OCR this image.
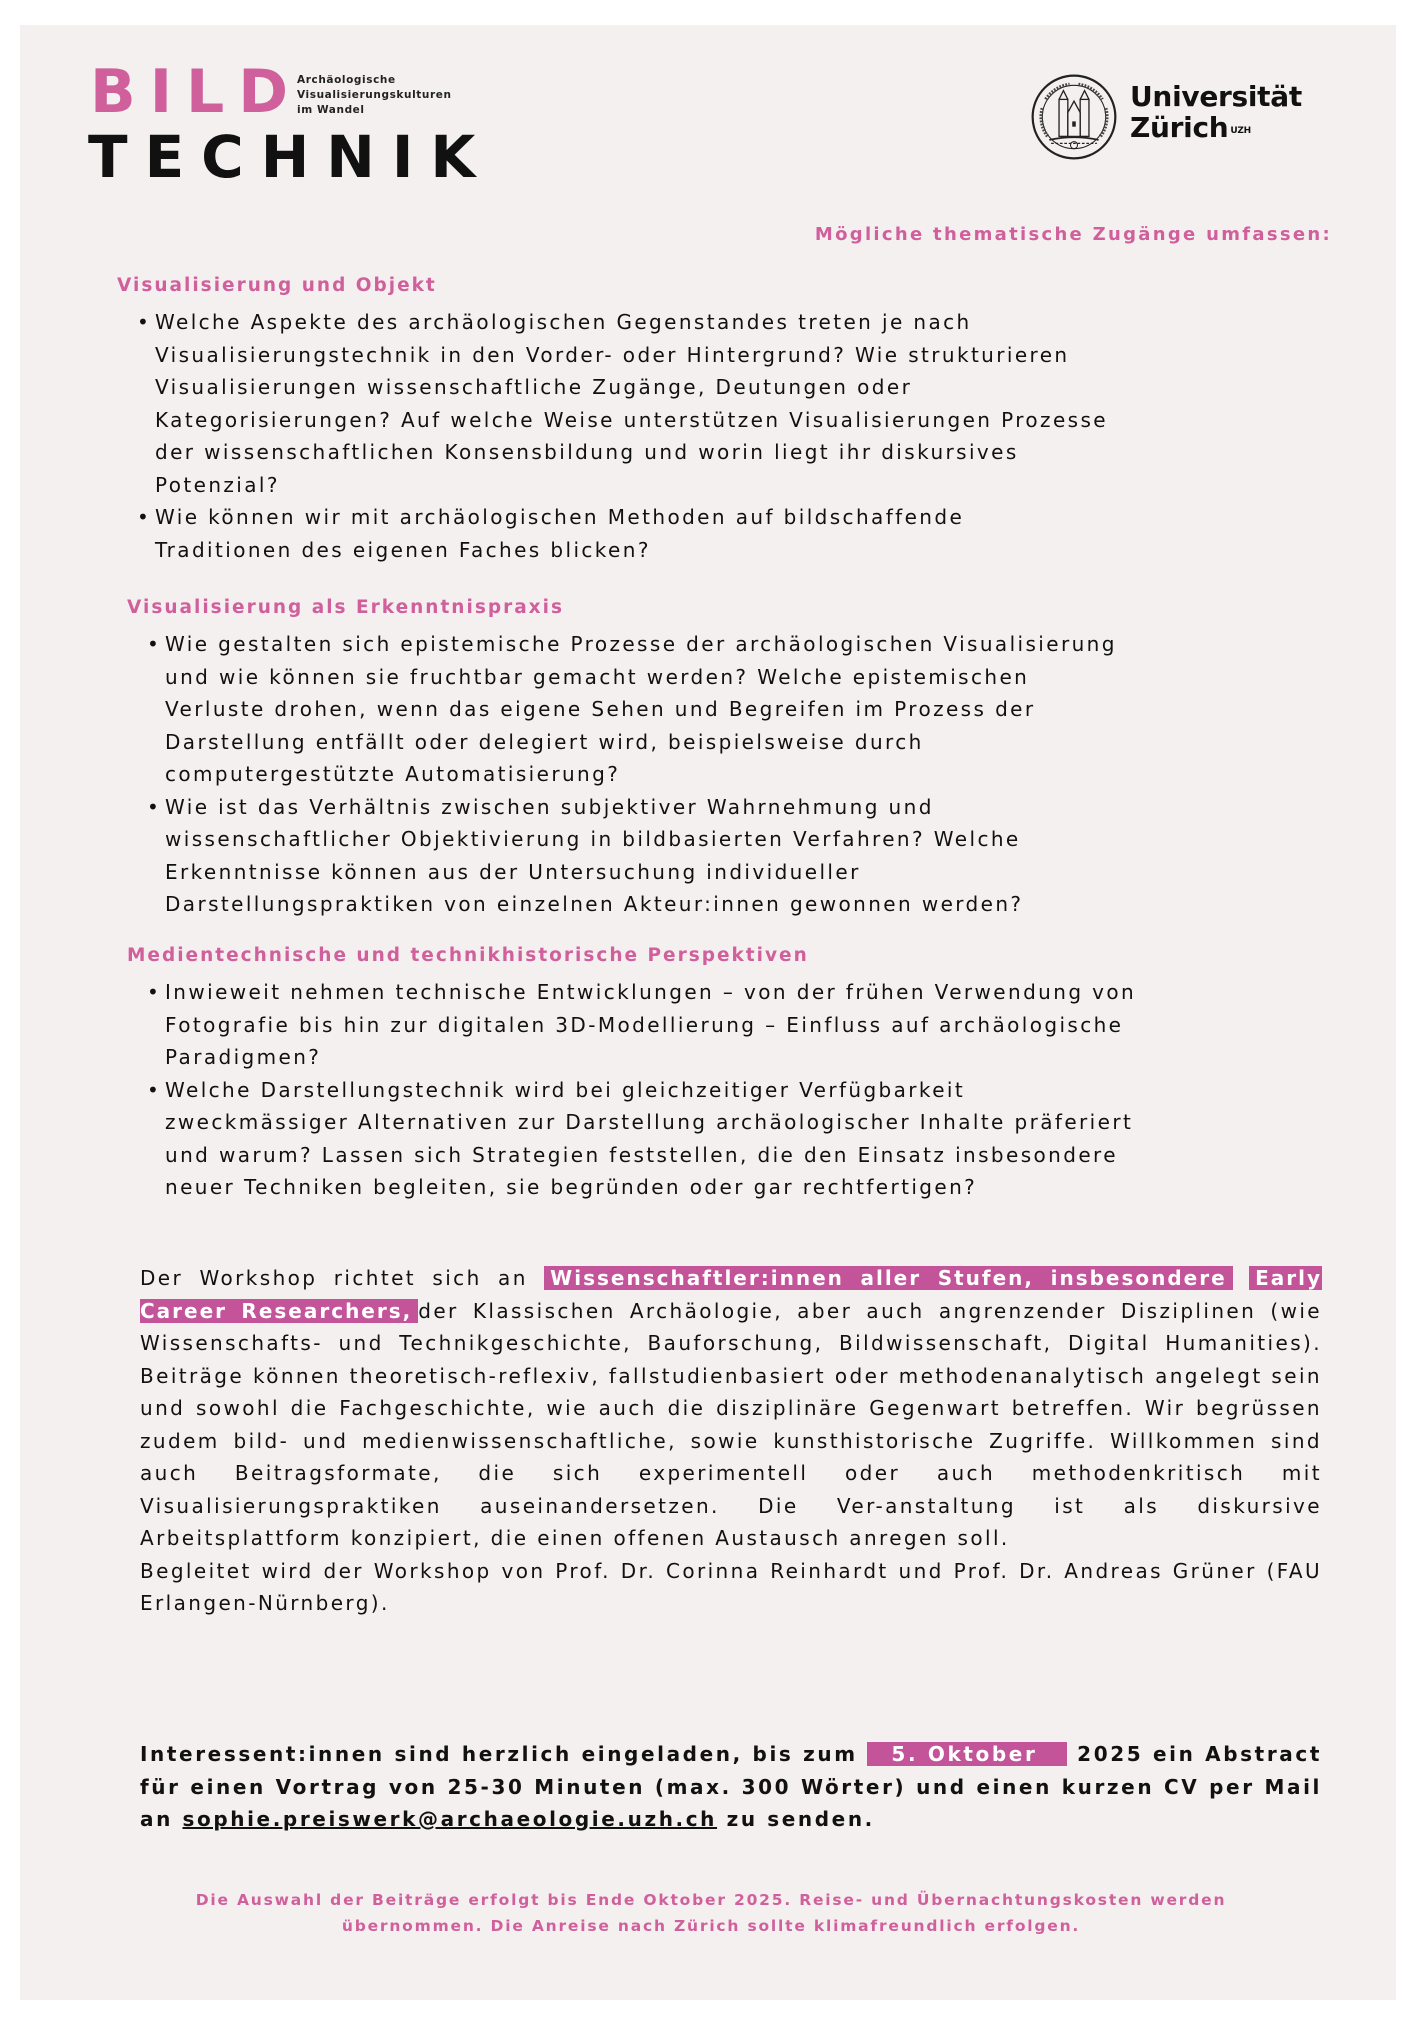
BILD
Archäologische
Visualisierungskulturen
im Wandel
TECHNIK
Universität
Zürich $^{UZH}$
Mögliche thematische Zugänge umfassen:
Visualisierung und Objekt
• Welche Aspekte des archäologischen Gegenstandes treten je nach
Visualisierungstechnik in den Vorder- oder Hintergrund? Wie strukturieren
Visualisierungen wissenschaftliche Zugänge, Deutungen oder
Kategorisierungen? Auf welche Weise unterstützen Visualisierungen Prozesse
der wissenschaftlichen Konsensbildung und worin liegt ihr diskursives
Potenzial?
• Wie können wir mit archäologischen Methoden auf bildschaffende
Traditionen des eigenen Faches blicken?
Visualisierung als Erkenntnispraxis
• Wie gestalten sich epistemische Prozesse der archäologischen Visualisierung
und wie können sie fruchtbar gemacht werden? Welche epistemischen
Verluste drohen, wenn das eigene Sehen und Begreifen im Prozess der
Darstellung entfällt oder delegiert wird, beispielsweise durch
computergestützte Automatisierung?
• Wie ist das Verhältnis zwischen subjektiver Wahrnehmung und
wissenschaftlicher Objektivierung in bildbasierten Verfahren? Welche
Erkenntnisse können aus der Untersuchung individueller
Darstellungspraktiken von einzelnen Akteur:innen gewonnen werden?
Medientechnische und technikhistorische Perspektiven
• Inwieweit nehmen technische Entwicklungen – von der frühen Verwendung von
Fotografie bis hin zur digitalen 3D-Modellierung – Einfluss auf archäologische
Paradigmen?
• Welche Darstellungstechnik wird bei gleichzeitiger Verfügbarkeit
zweckmässiger Alternativen zur Darstellung archäologischer Inhalte präferiert
und warum? Lassen sich Strategien feststellen, die den Einsatz insbesondere
neuer Techniken begleiten, sie begründen oder gar rechtfertigen?
Der Workshop richtet sich an Wissenschaftler:innen aller Stufen, insbesondere Early Career Researchers, der Klassischen Archäologie, aber auch angrenzender Disziplinen (wie Wissenschafts- und Technikgeschichte, Bauforschung, Bildwissenschaft, Digital Humanities). Beiträge können theoretisch-reflexiv, fallstudienbasiert oder methodenanalytisch angelegt sein und sowohl die Fachgeschichte, wie auch die disziplinäre Gegenwart betreffen. Wir begrüssen zudem bild- und medienwissenschaftliche, sowie kunsthistorische Zugriffe. Willkommen sind auch Beitragsformate, die sich experimentell oder auch methodenkritisch mit Visualisierungspraktiken auseinandersetzen. Die Ver-anstaltung ist als diskursive Arbeitsplattform konzipiert, die einen offenen Austausch anregen soll.
Begleitet wird der Workshop von Prof. Dr. Corinna Reinhardt und Prof. Dr. Andreas Grüner (FAU Erlangen-Nürnberg).
Interessent:innen sind herzlich eingeladen, bis zum 5. Oktober 2025 ein Abstract für einen Vortrag von 25-30 Minuten (max. 300 Wörter) und einen kurzen CV per Mail an sophie.preiswerk@archaeologie.uzh.ch zu senden.
Die Auswahl der Beiträge erfolgt bis Ende Oktober 2025. Reise- und Übernachtungskosten werden
übernommen. Die Anreise nach Zürich sollte klimafreundlich erfolgen.
